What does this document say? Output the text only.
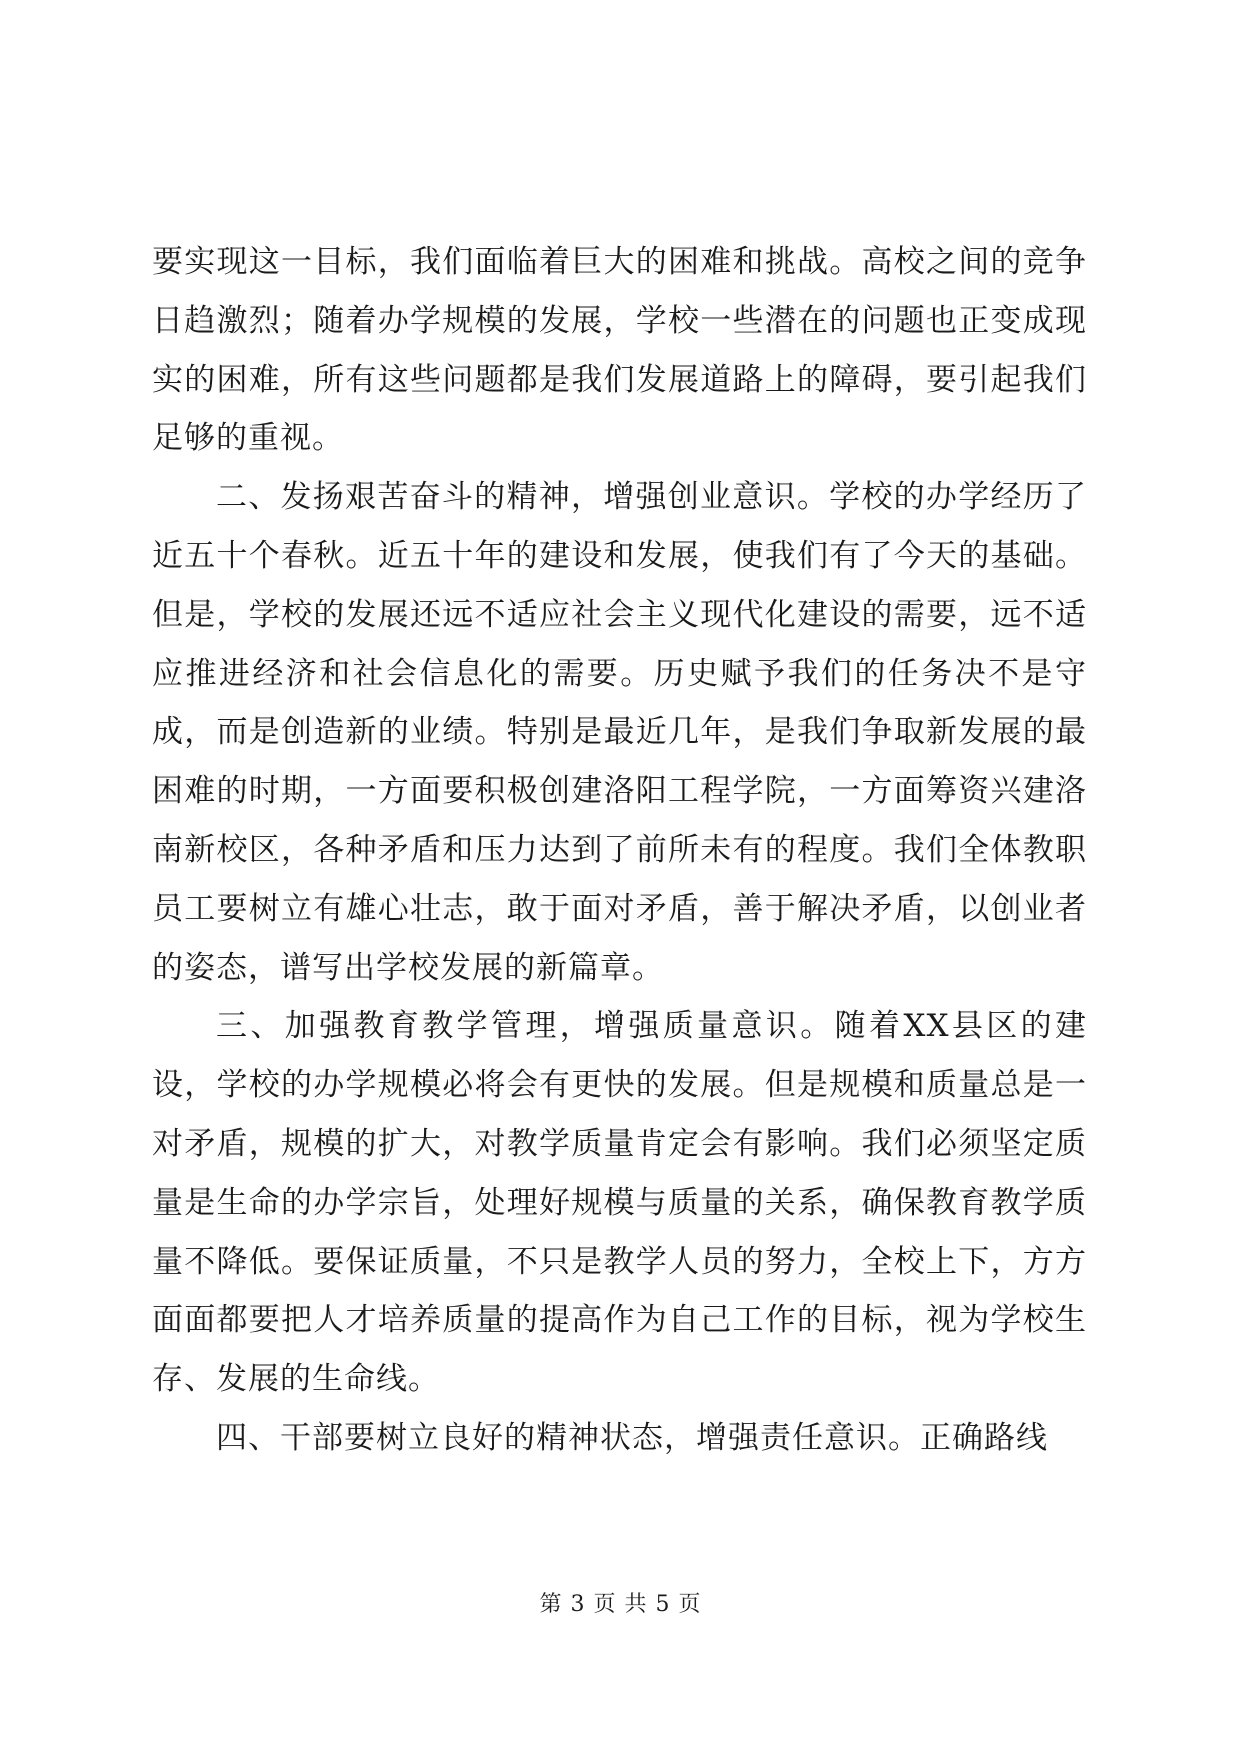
要实现这一目标，我们面临着巨大的困难和挑战。高校之间的竞争日趋激烈；随着办学规模的发展，学校一些潜在的问题也正变成现实的困难，所有这些问题都是我们发展道路上的障碍，要引起我们足够的重视。

二、发扬艰苦奋斗的精神，增强创业意识。学校的办学经历了近五十个春秋。近五十年的建设和发展，使我们有了今天的基础。但是，学校的发展还远不适应社会主义现代化建设的需要，远不适应推进经济和社会信息化的需要。历史赋予我们的任务决不是守成，而是创造新的业绩。特别是最近几年，是我们争取新发展的最困难的时期，一方面要积极创建洛阳工程学院，一方面筹资兴建洛南新校区，各种矛盾和压力达到了前所未有的程度。我们全体教职员工要树立有雄心壮志，敢于面对矛盾，善于解决矛盾，以创业者的姿态，谱写出学校发展的新篇章。

三、加强教育教学管理，增强质量意识。随着XX县区的建设，学校的办学规模必将会有更快的发展。但是规模和质量总是一对矛盾，规模的扩大，对教学质量肯定会有影响。我们必须坚定质量是生命的办学宗旨，处理好规模与质量的关系，确保教育教学质量不降低。要保证质量，不只是教学人员的努力，全校上下，方方面面都要把人才培养质量的提高作为自己工作的目标，视为学校生存、发展的生命线。

四、干部要树立良好的精神状态，增强责任意识。正确路线

第 3 页 共 5 页
